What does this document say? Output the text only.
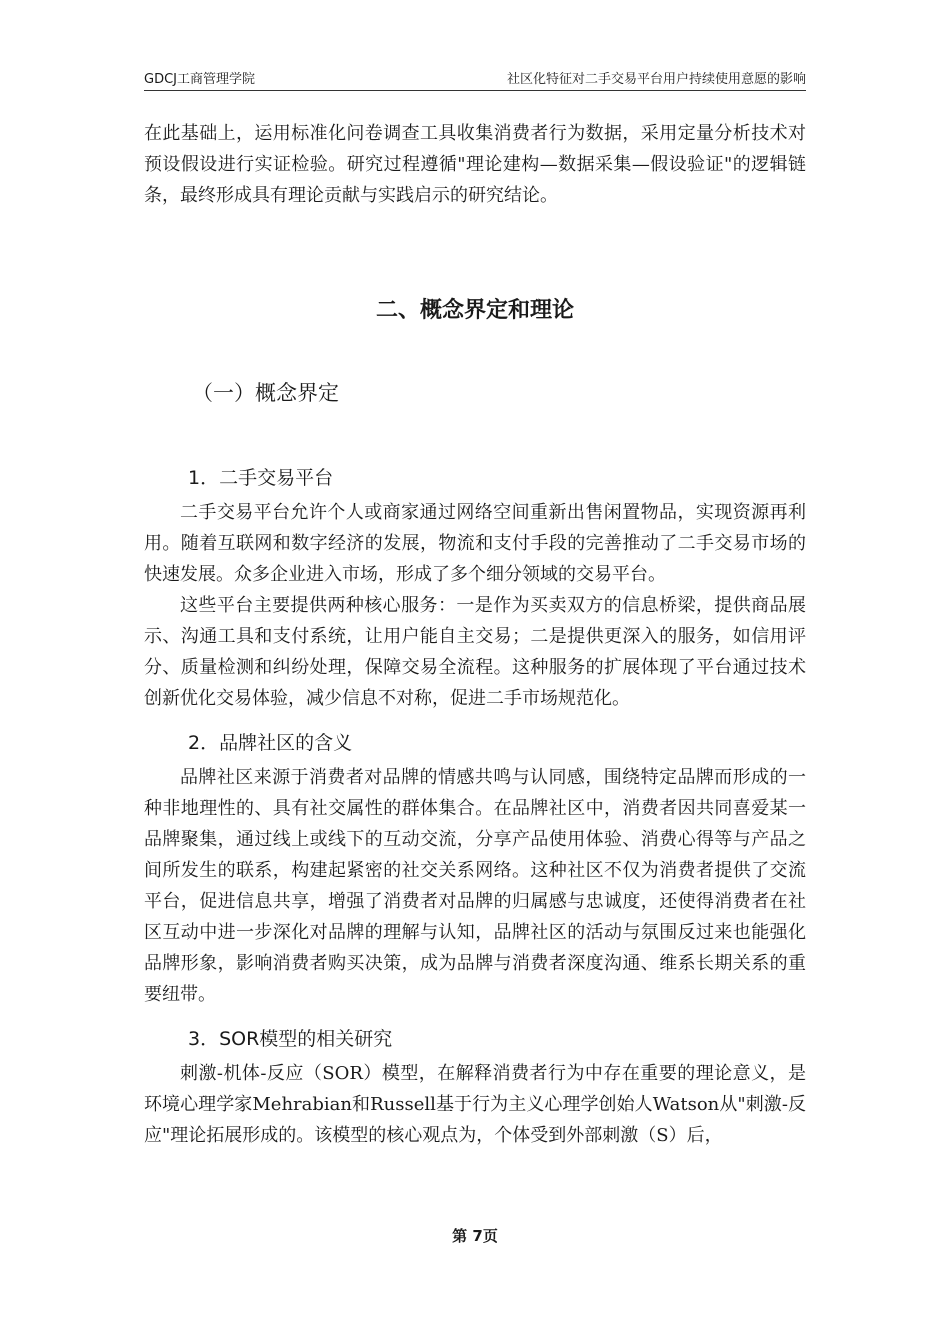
GDCJ工商管理学院	社区化特征对二手交易平台用户持续使用意愿的影响

在此基础上，运用标准化问卷调查工具收集消费者行为数据，采用定量分析技术对预设假设进行实证检验。研究过程遵循"理论建构—数据采集—假设验证"的逻辑链条，最终形成具有理论贡献与实践启示的研究结论。

二、概念界定和理论
（一）概念界定
1．二手交易平台

二手交易平台允许个人或商家通过网络空间重新出售闲置物品，实现资源再利用。随着互联网和数字经济的发展，物流和支付手段的完善推动了二手交易市场的快速发展。众多企业进入市场，形成了多个细分领域的交易平台。

这些平台主要提供两种核心服务：一是作为买卖双方的信息桥梁，提供商品展示、沟通工具和支付系统，让用户能自主交易；二是提供更深入的服务，如信用评分、质量检测和纠纷处理，保障交易全流程。这种服务的扩展体现了平台通过技术创新优化交易体验，减少信息不对称，促进二手市场规范化。

2．品牌社区的含义

品牌社区来源于消费者对品牌的情感共鸣与认同感，围绕特定品牌而形成的一种非地理性的、具有社交属性的群体集合。在品牌社区中，消费者因共同喜爱某一品牌聚集，通过线上或线下的互动交流，分享产品使用体验、消费心得等与产品之间所发生的联系，构建起紧密的社交关系网络。这种社区不仅为消费者提供了交流平台，促进信息共享，增强了消费者对品牌的归属感与忠诚度，还使得消费者在社区互动中进一步深化对品牌的理解与认知，品牌社区的活动与氛围反过来也能强化品牌形象，影响消费者购买决策，成为品牌与消费者深度沟通、维系长期关系的重要纽带。

3．SOR模型的相关研究

刺激-机体-反应（SOR）模型，在解释消费者行为中存在重要的理论意义，是环境心理学家Mehrabian和Russell基于行为主义心理学创始人Watson从"刺激-反应"理论拓展形成的。该模型的核心观点为，个体受到外部刺激（S）后，

第 7页
